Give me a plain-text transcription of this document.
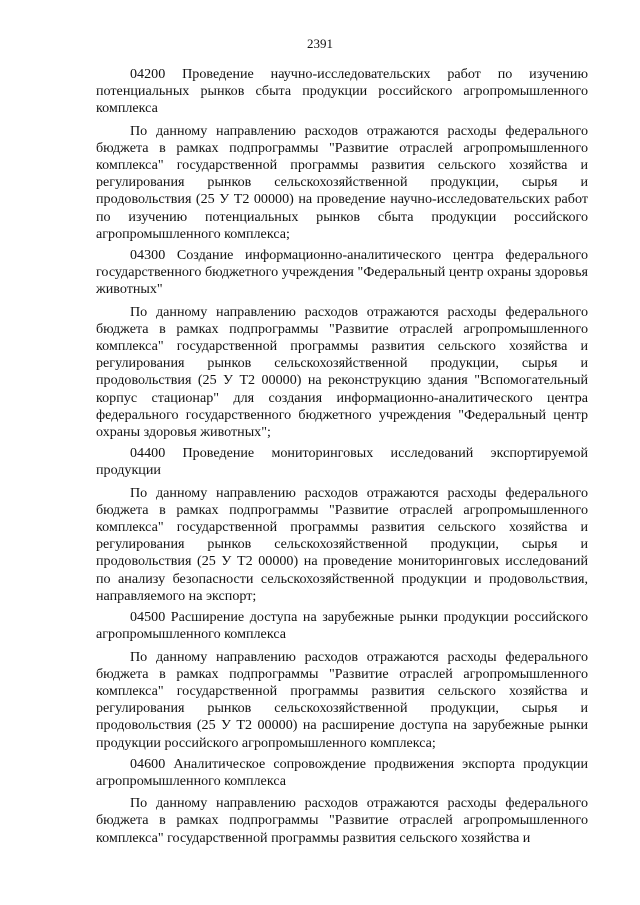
2391

04200 Проведение научно-исследовательских работ по изучению потенциальных рынков сбыта продукции российского агропромышленного комплекса

По данному направлению расходов отражаются расходы федерального бюджета в рамках подпрограммы "Развитие отраслей агропромышленного комплекса" государственной программы развития сельского хозяйства и регулирования рынков сельскохозяйственной продукции, сырья и продовольствия (25 У Т2 00000) на проведение научно-исследовательских работ по изучению потенциальных рынков сбыта продукции российского агропромышленного комплекса;

04300 Создание информационно-аналитического центра федерального государственного бюджетного учреждения "Федеральный центр охраны здоровья животных"

По данному направлению расходов отражаются расходы федерального бюджета в рамках подпрограммы "Развитие отраслей агропромышленного комплекса" государственной программы развития сельского хозяйства и регулирования рынков сельскохозяйственной продукции, сырья и продовольствия (25 У Т2 00000) на реконструкцию здания "Вспомогательный корпус стационар" для создания информационно-аналитического центра федерального государственного бюджетного учреждения "Федеральный центр охраны здоровья животных";

04400 Проведение мониторинговых исследований экспортируемой продукции

По данному направлению расходов отражаются расходы федерального бюджета в рамках подпрограммы "Развитие отраслей агропромышленного комплекса" государственной программы развития сельского хозяйства и регулирования рынков сельскохозяйственной продукции, сырья и продовольствия (25 У Т2 00000) на проведение мониторинговых исследований по анализу безопасности сельскохозяйственной продукции и продовольствия, направляемого на экспорт;

04500 Расширение доступа на зарубежные рынки продукции российского агропромышленного комплекса

По данному направлению расходов отражаются расходы федерального бюджета в рамках подпрограммы "Развитие отраслей агропромышленного комплекса" государственной программы развития сельского хозяйства и регулирования рынков сельскохозяйственной продукции, сырья и продовольствия (25 У Т2 00000) на расширение доступа на зарубежные рынки продукции российского агропромышленного комплекса;

04600 Аналитическое сопровождение продвижения экспорта продукции агропромышленного комплекса

По данному направлению расходов отражаются расходы федерального бюджета в рамках подпрограммы "Развитие отраслей агропромышленного комплекса" государственной программы развития сельского хозяйства и
